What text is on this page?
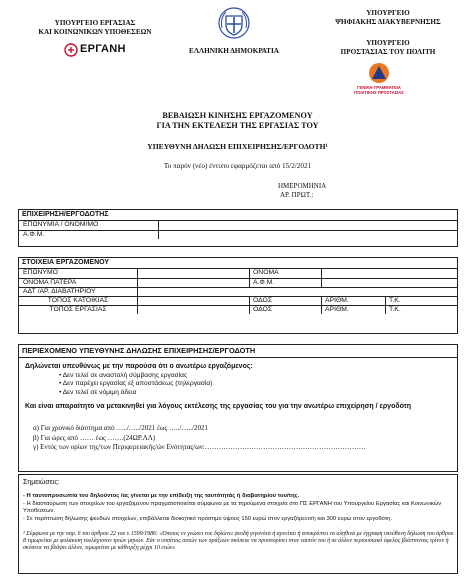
ΥΠΟΥΡΓΕΙΟ ΕΡΓΑΣΙΑΣ
ΚΑΙ ΚΟΙΝΩΝΙΚΩΝ ΥΠΟΘΕΣΕΩΝ
ΕΡΓΑΝΗ	ΕΛΛΗΝΙΚΗ ΔΗΜΟΚΡΑΤΙΑ
ΥΠΟΥΡΓΕΙΟ
ΨΗΦΙΑΚΗΣ ΔΙΑΚΥΒΕΡΝΗΣΗΣ
ΥΠΟΥΡΓΕΙΟ
ΠΡΟΣΤΑΣΙΑΣ ΤΟΥ ΠΟΛΙΤΗ
ΓΕΝΙΚΗ ΓΡΑΜΜΑΤΕΙΑ
ΠΟΛΙΤΙΚΗΣ ΠΡΟΣΤΑΣΙΑΣ
ΒΕΒΑΙΩΣΗ ΚΙΝΗΣΗΣ ΕΡΓΑΖΟΜΕΝΟΥ
ΓΙΑ ΤΗΝ ΕΚΤΕΛΕΣΗ ΤΗΣ ΕΡΓΑΣΙΑΣ ΤΟΥ
ΥΠΕΥΘΥΝΗ ΔΗΛΩΣΗ ΕΠΙΧΕΙΡΗΣΗΣ/ΕΡΓΟΔΟΤΗ¹
Το παρόν (νέο) έντυπο εφαρμόζεται από 15/2/2021
ΗΜΕΡΟΜΗΝΙΑ
ΑΡ. ΠΡΩΤ.:
ΕΠΙΧΕΙΡΗΣΗ/ΕΡΓΟΔΟΤΗΣ
ΕΠΩΝΥΜΙΑ / ΟΝΟΜ/ΜΟ
Α.Φ.Μ.
ΣΤΟΙΧΕΙΑ ΕΡΓΑΖΟΜΕΝΟΥ
ΕΠΩΝΥΜΟ	ΟΝΟΜΑ
ΟΝΟΜΑ ΠΑΤΕΡΑ	Α.Φ.Μ.
ΑΔΤ /ΑΡ. ΔΙΑΒΑΤΗΡΙΟΥ
ΤΟΠΟΣ ΚΑΤΟΙΚΙΑΣ	ΟΔΟΣ	ΑΡΙΘΜ.	Τ.Κ.
ΤΟΠΟΣ ΕΡΓΑΣΙΑΣ	ΟΔΟΣ	ΑΡΙΘΜ.	Τ.Κ.
ΠΕΡΙΕΧΟΜΕΝΟ ΥΠΕΥΘΥΝΗΣ ΔΗΛΩΣΗΣ ΕΠΙΧΕΙΡΗΣΗΣ/ΕΡΓΟΔΟΤΗ
Δηλώνεται υπευθύνως με την παρούσα ότι ο ανωτέρω εργαζόμενος:
• Δεν τελεί σε αναστολή σύμβασης εργασίας
• Δεν παρέχει εργασίας εξ αποστάσεως (τηλεργασία)
• Δεν τελεί σε νόμιμη άδεια
Και είναι απαραίτητο να μετακινηθεί για λόγους εκτέλεσης της εργασίας του για την ανωτέρω επιχείρηση / εργοδότη
α) Για χρονικό διάστημα από …../…../2021 έως …../…../2021
β) Για ώρες από …… έως …….(24ΩΡ.ΛΛ)
γ) Εντός των ορίων της/των Περιφερειακής/ών Ενότητας/ων:……………………………………………………………
Σημειώσεις:
- Η ταυτοπροσωπία του δηλούντος /ας γίνεται με την επίδειξη της ταυτότητάς ή διαβατηρίου του/της.
- Η διασταύρωση των στοιχείων του εργαζόμενου πραγματοποιείται σύμφωνα με τα τηρούμενα στοιχεία στο ΠΣ ΕΡΓΑΝΗ του Υπουργείου Εργασίας και Κοινωνικών Υποθέσεων.
- Σε περίπτωση δήλωσης ψευδών στοιχείων, επιβάλλεται διοικητικό πρόστιμο ύψους 150 ευρώ στον εργαζόμενο/η και 300 ευρώ στον εργοδότη.
¹ Σύμφωνα με την παρ. 6 του άρθρου 22 του ν.1599/1986: «Όποιος εν γνώσει του δηλώνει ψευδή γεγονότα ή αρνείται ή αποκρύπτει τα αληθινά με έγγραφη υπεύθυνη δήλωση του άρθρου 8 τιμωρείται με φυλάκιση τουλάχιστον τριών μηνών. Εάν ο υπαίτιος αυτών των πράξεων σκόπευε να προσπορίσει στον εαυτόν του ή σε άλλον περιουσιακό όφελος βλάπτοντας τρίτον ή σκόπευε να βλάψει άλλον, τιμωρείται με κάθειρξη μέχρι 10 ετών»
